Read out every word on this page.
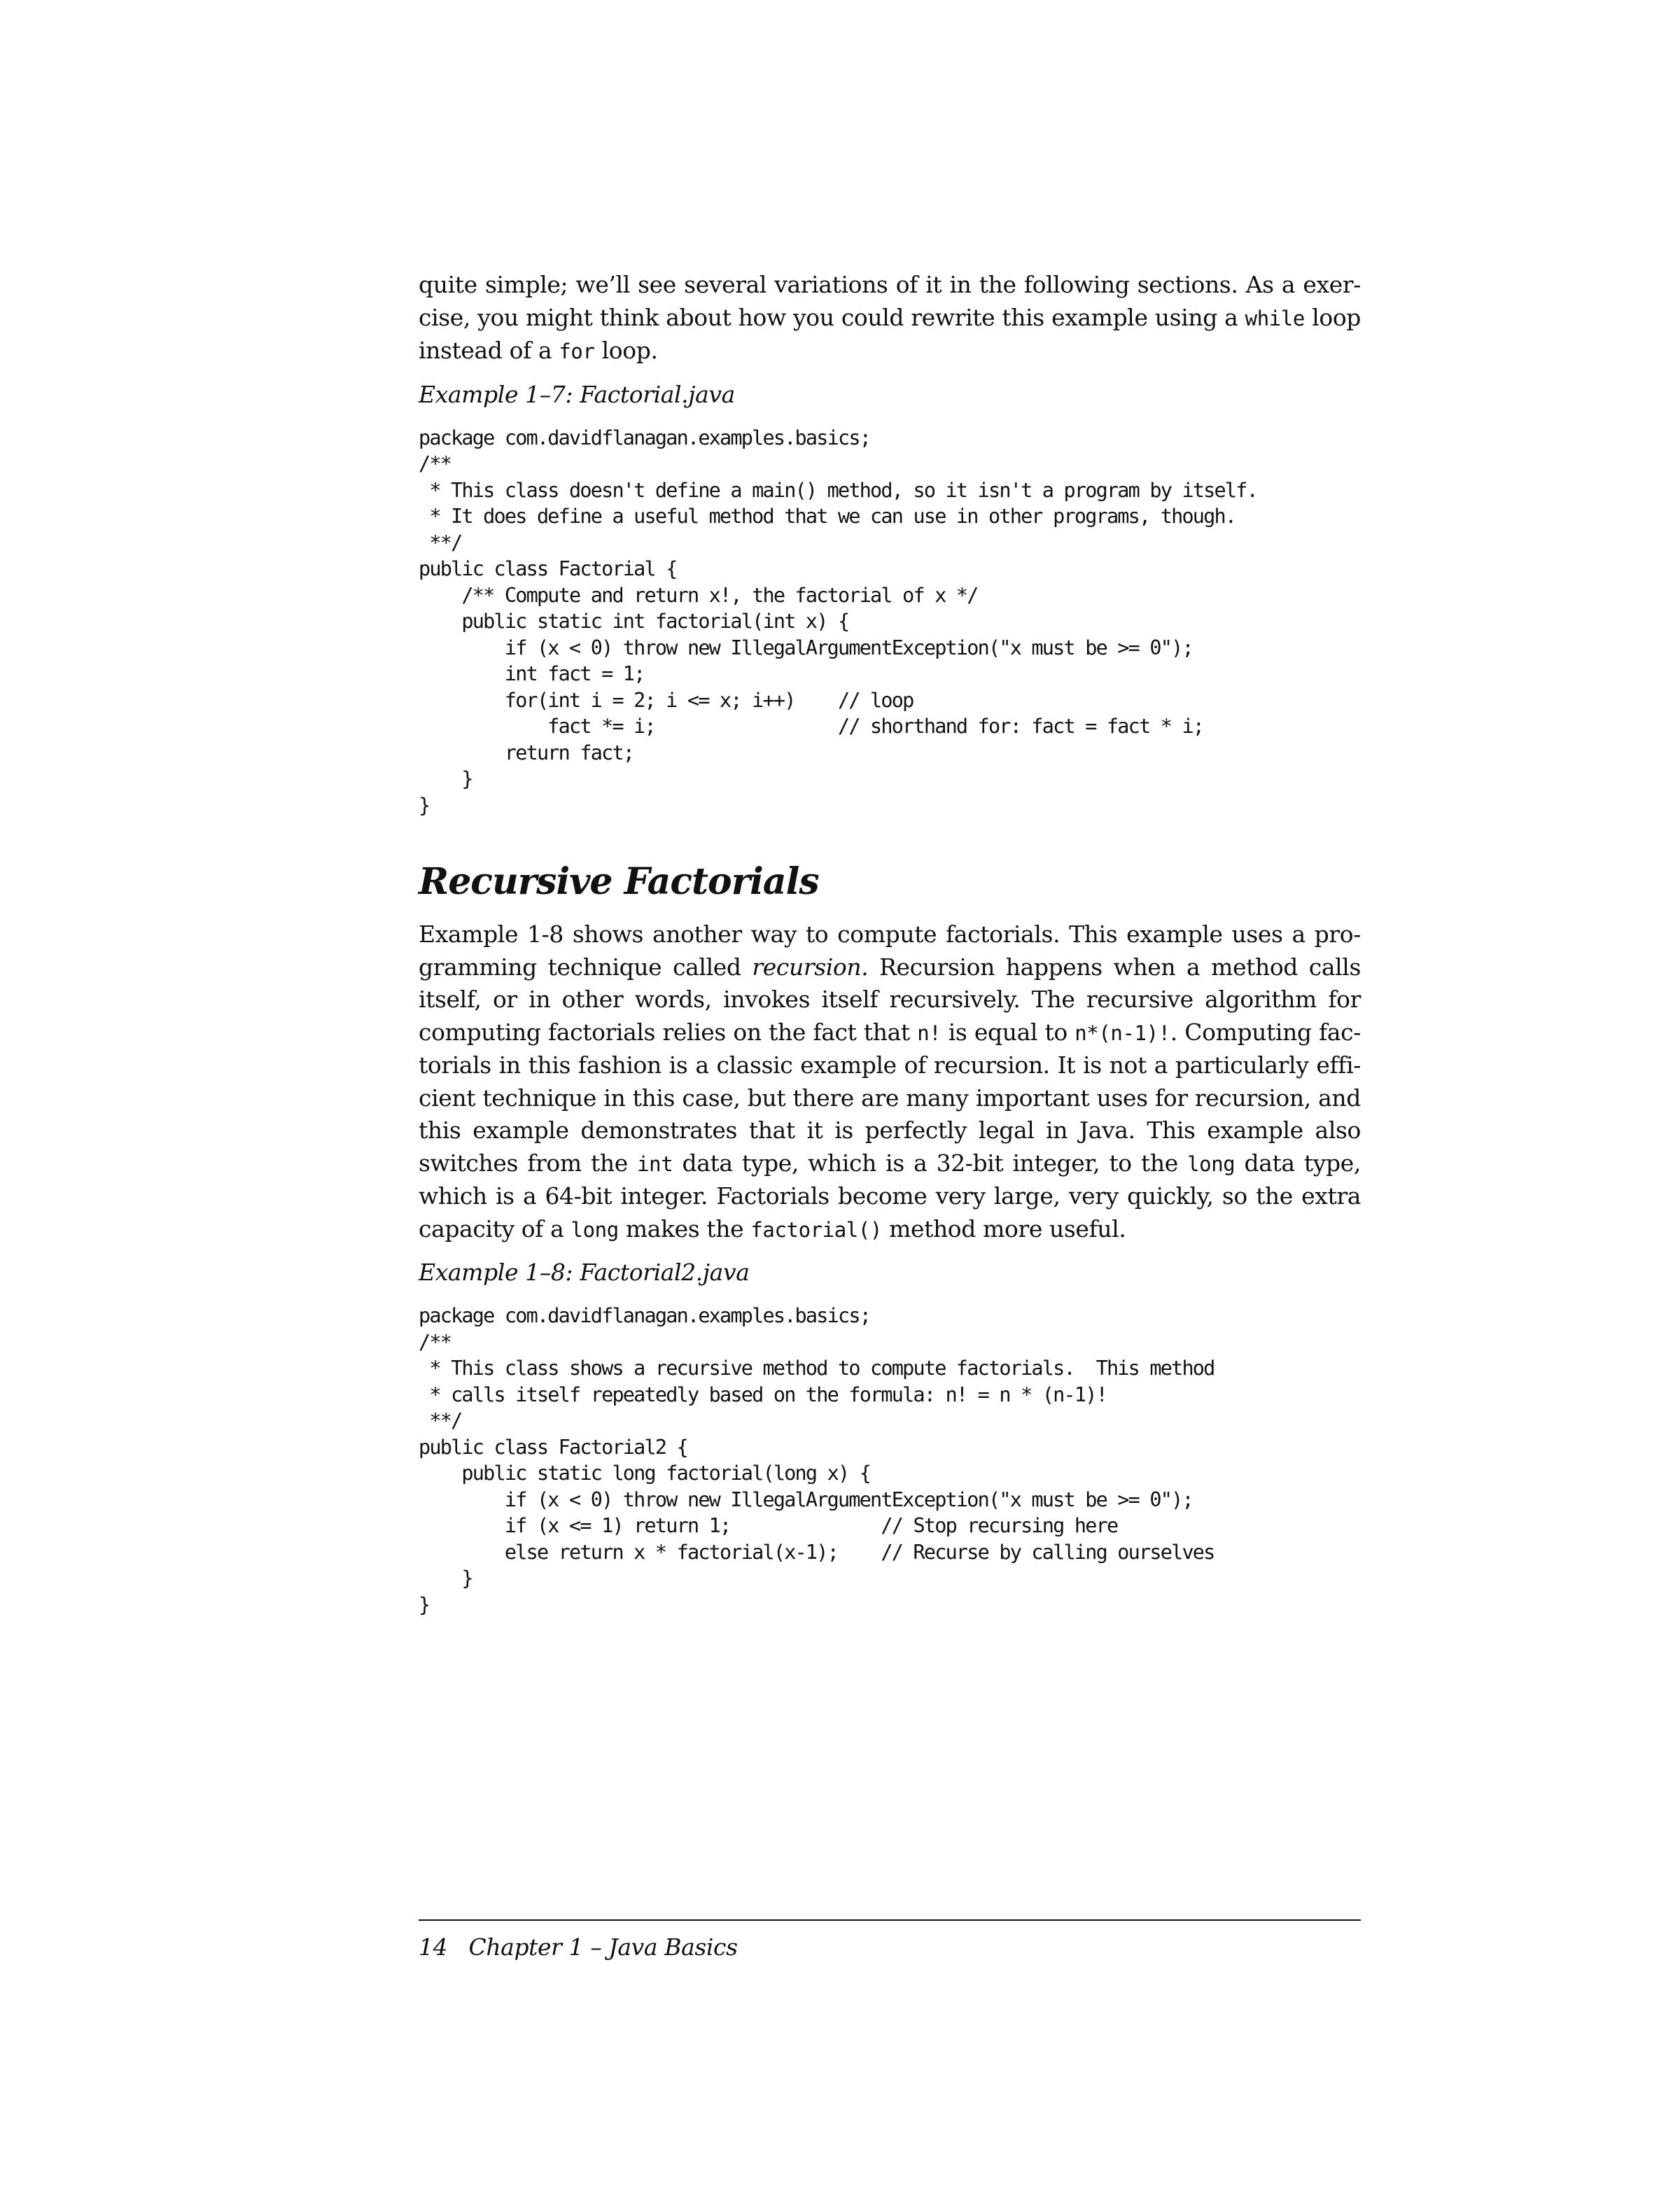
quite simple; we’ll see several variations of it in the following sections. As a exer-cise, you might think about how you could rewrite this example using a while loop instead of a for loop.

Example 1–7: Factorial.java

package com.davidflanagan.examples.basics;
/**
* This class doesn't define a main() method, so it isn't a program by itself.
* It does define a useful method that we can use in other programs, though.
**/
public class Factorial {
/** Compute and return x!, the factorial of x */
public static int factorial(int x) {
if (x < 0) throw new IllegalArgumentException("x must be >= 0");
int fact = 1;
for(int i = 2; i <= x; i++)    // loop
fact *= i;                 // shorthand for: fact = fact * i;
return fact;
}
}
Recursive Factorials

Example 1-8 shows another way to compute factorials. This example uses a pro-gramming technique called recursion. Recursion happens when a method calls itself, or in other words, invokes itself recursively. The recursive algorithm for computing factorials relies on the fact that n! is equal to n*(n-1)!. Computing fac-torials in this fashion is a classic example of recursion. It is not a particularly effi-cient technique in this case, but there are many important uses for recursion, and this example demonstrates that it is perfectly legal in Java. This example also switches from the int data type, which is a 32-bit integer, to the long data type, which is a 64-bit integer. Factorials become very large, very quickly, so the extra capacity of a long makes the factorial() method more useful.

Example 1–8: Factorial2.java

package com.davidflanagan.examples.basics;
/**
* This class shows a recursive method to compute factorials.  This method
* calls itself repeatedly based on the formula: n! = n * (n-1)!
**/
public class Factorial2 {
public static long factorial(long x) {
if (x < 0) throw new IllegalArgumentException("x must be >= 0");
if (x <= 1) return 1;              // Stop recursing here
else return x * factorial(x-1);    // Recurse by calling ourselves
}
}
14 Chapter 1 – Java Basics
